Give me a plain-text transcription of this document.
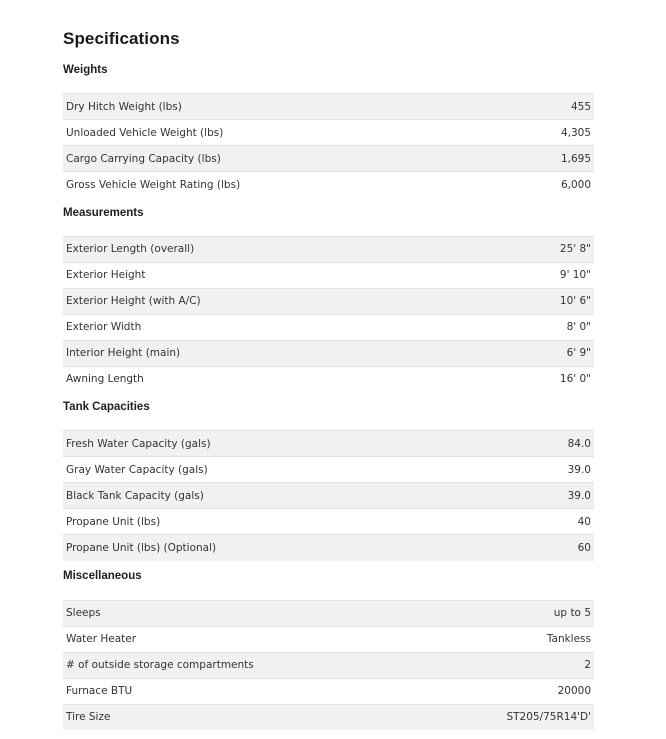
Specifications
Weights
Dry Hitch Weight (lbs)	455
Unloaded Vehicle Weight (lbs)	4,305
Cargo Carrying Capacity (lbs)	1,695
Gross Vehicle Weight Rating (lbs)	6,000
Measurements
Exterior Length (overall)	25' 8"
Exterior Height	9' 10"
Exterior Height (with A/C)	10' 6"
Exterior Width	8' 0"
Interior Height (main)	6' 9"
Awning Length	16' 0"
Tank Capacities
Fresh Water Capacity (gals)	84.0
Gray Water Capacity (gals)	39.0
Black Tank Capacity (gals)	39.0
Propane Unit (lbs)	40
Propane Unit (lbs) (Optional)	60
Miscellaneous
Sleeps	up to 5
Water Heater	Tankless
# of outside storage compartments	2
Furnace BTU	20000
Tire Size	ST205/75R14'D'
